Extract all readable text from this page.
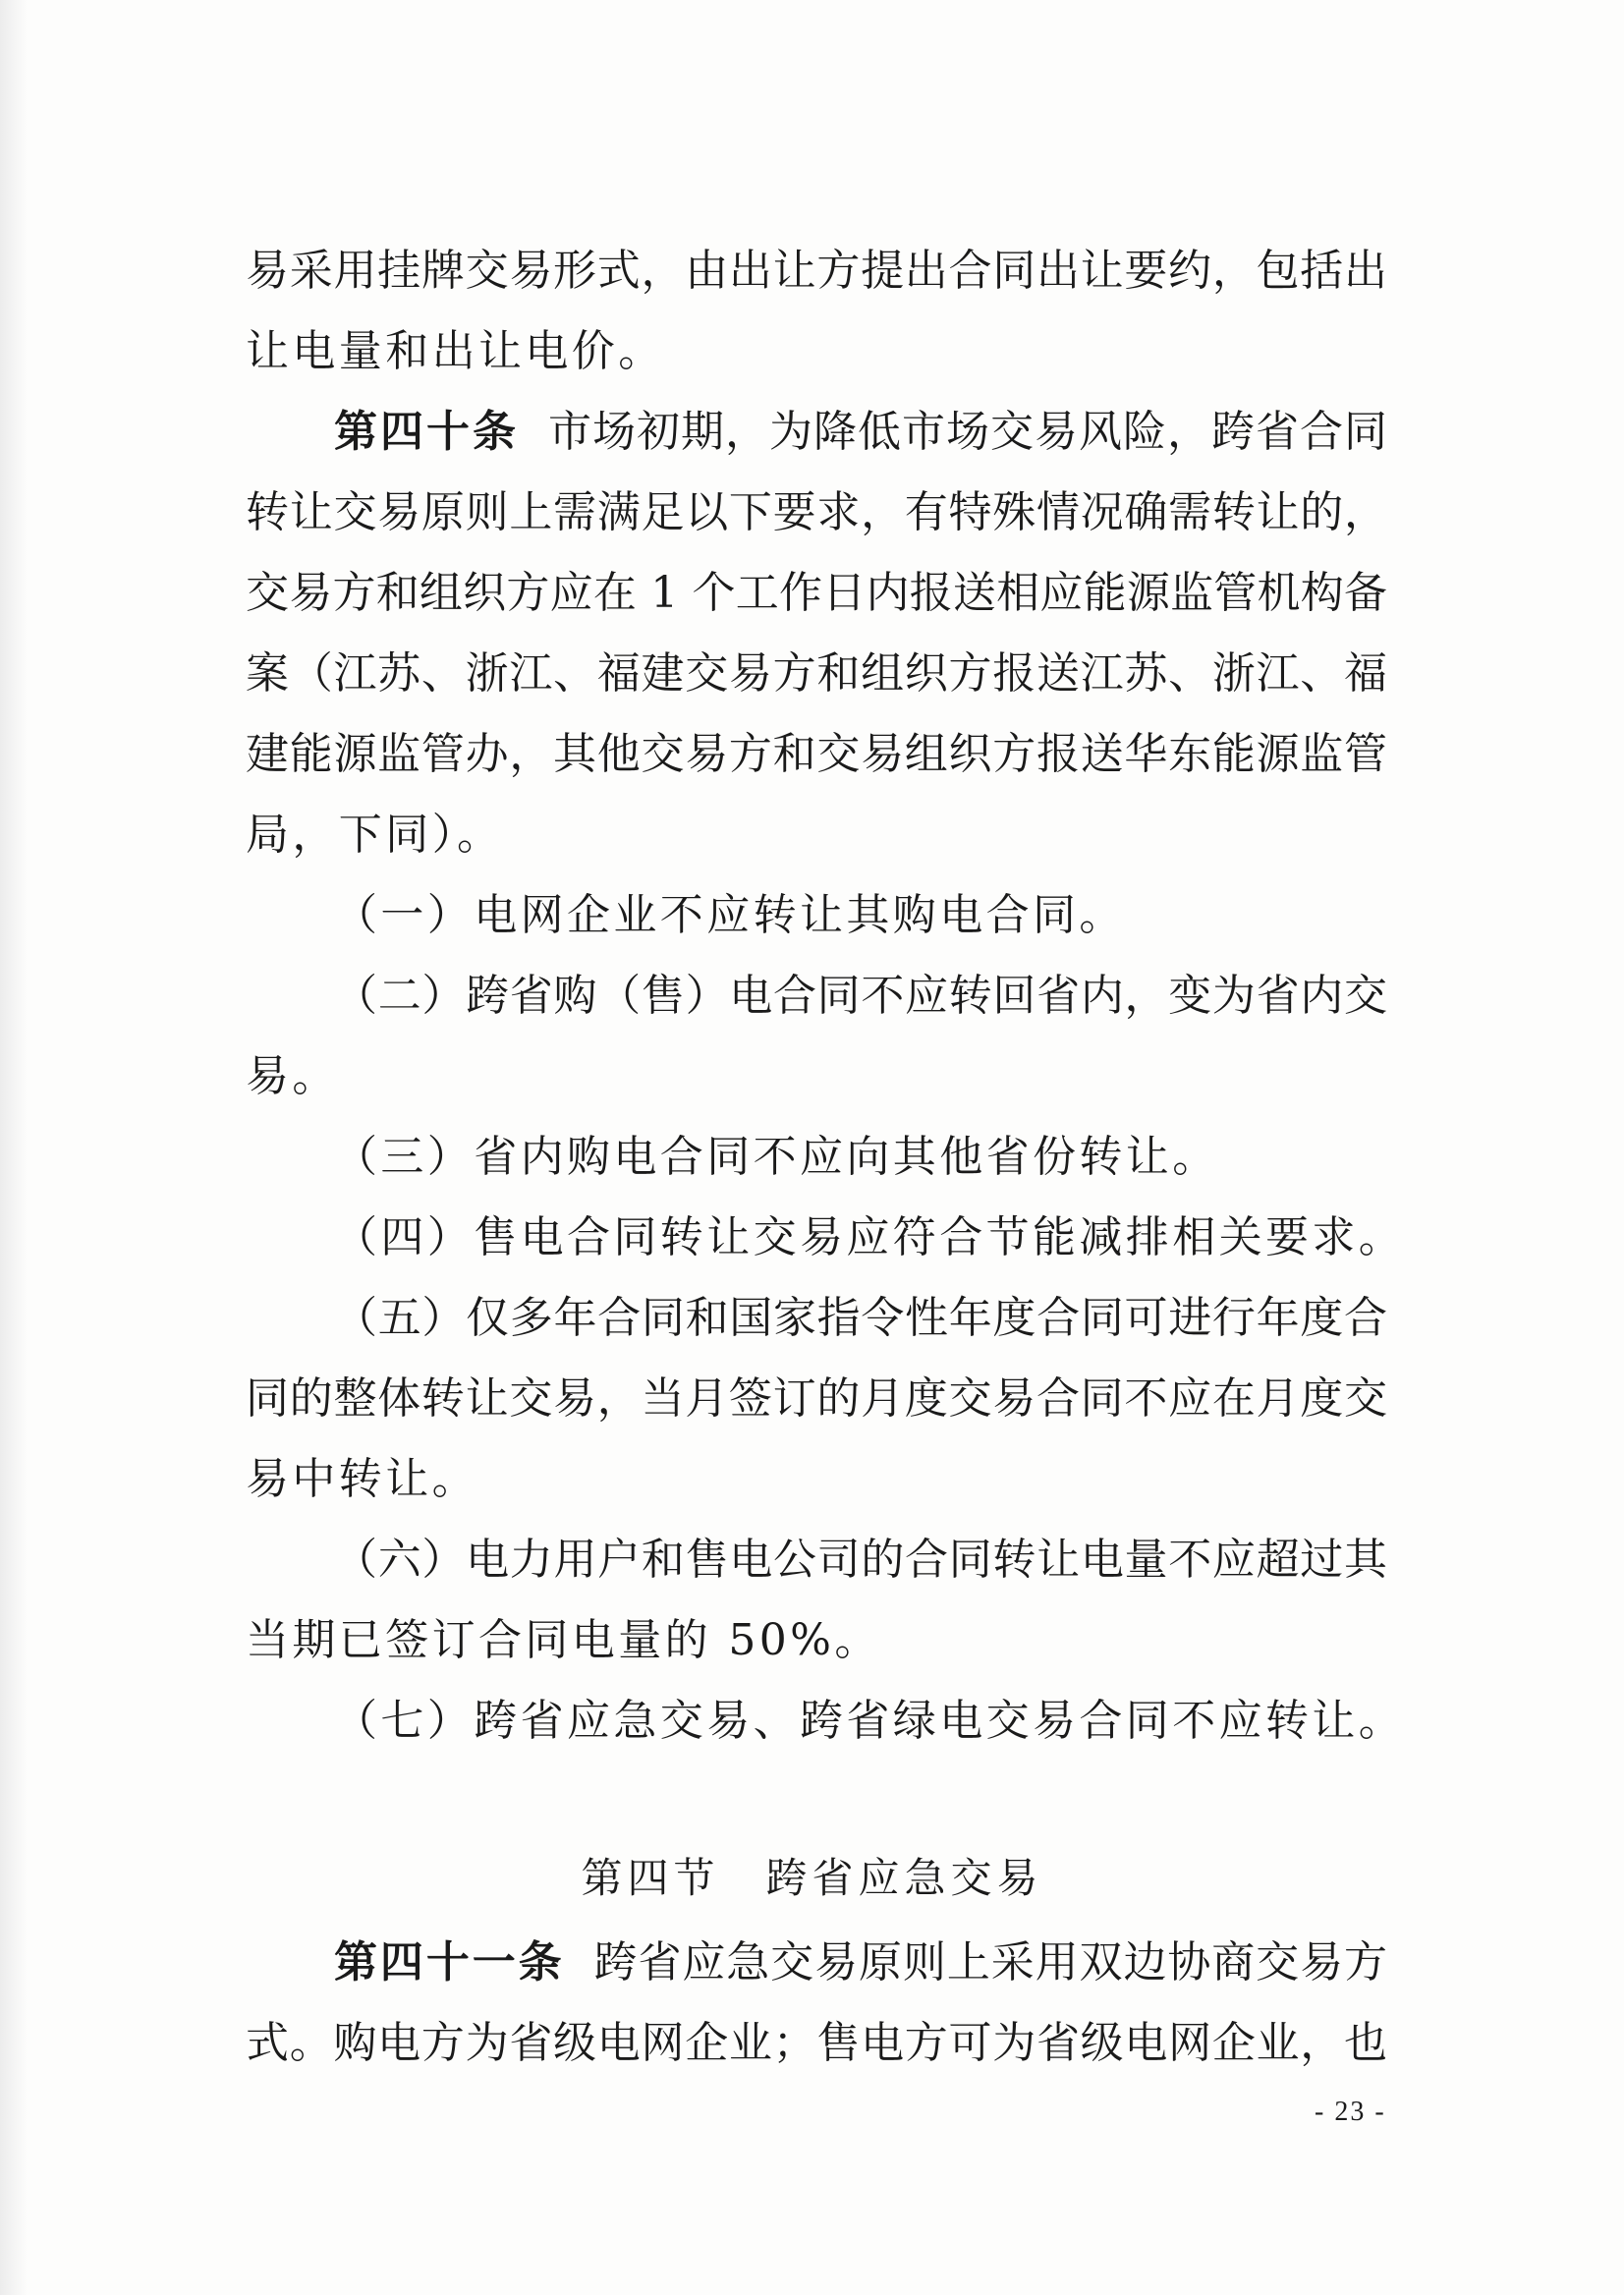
易采用挂牌交易形式，由出让方提出合同出让要约，包括出
让电量和出让电价。
第四十条 市场初期，为降低市场交易风险，跨省合同
转让交易原则上需满足以下要求，有特殊情况确需转让的，
交易方和组织方应在 1 个工作日内报送相应能源监管机构备
案（江苏、浙江、福建交易方和组织方报送江苏、浙江、福
建能源监管办，其他交易方和交易组织方报送华东能源监管
局，下同）。
（一）电网企业不应转让其购电合同。
（二）跨省购（售）电合同不应转回省内，变为省内交
易。
（三）省内购电合同不应向其他省份转让。
（四）售电合同转让交易应符合节能减排相关要求。
（五）仅多年合同和国家指令性年度合同可进行年度合
同的整体转让交易，当月签订的月度交易合同不应在月度交
易中转让。
（六）电力用户和售电公司的合同转让电量不应超过其
当期已签订合同电量的 50%。
（七）跨省应急交易、跨省绿电交易合同不应转让。
第四节　跨省应急交易
第四十一条 跨省应急交易原则上采用双边协商交易方
式。购电方为省级电网企业；售电方可为省级电网企业，也
- 23 -
